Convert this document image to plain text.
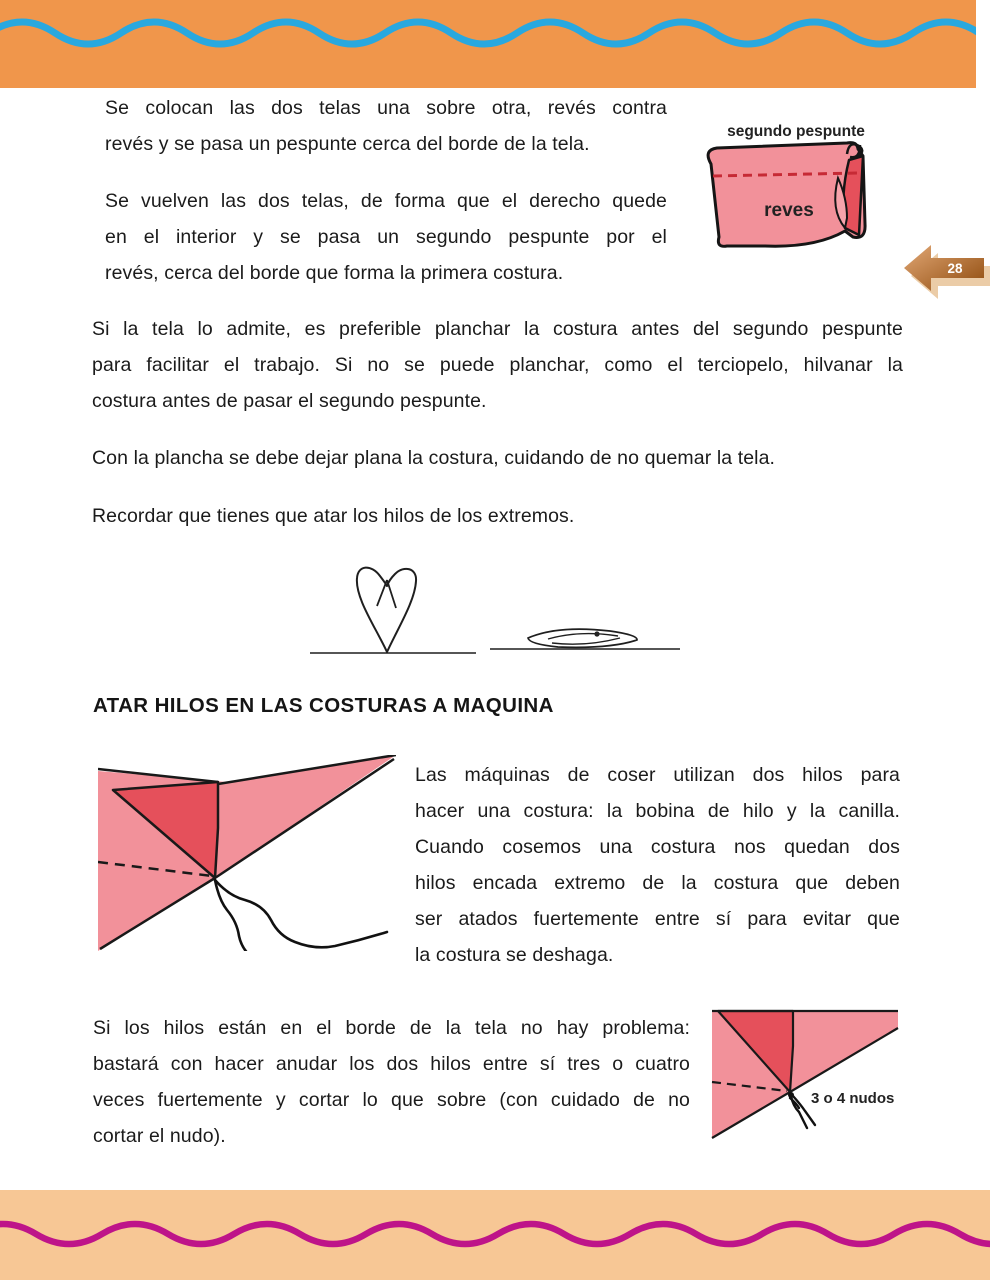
Se colocan las dos telas una sobre otra, revés contra
revés y se pasa un pespunte cerca del borde de la tela.
Se vuelven las dos telas, de forma que el derecho quede
en el interior y se pasa un segundo pespunte por el
revés, cerca del borde que forma la primera costura.
segundo pespunte
reves
28
Si la tela lo admite, es preferible planchar la costura antes del segundo pespunte
para facilitar el trabajo. Si no se puede planchar, como el terciopelo, hilvanar la
costura antes de pasar el segundo pespunte.
Con la plancha se debe dejar plana la costura, cuidando de no quemar la tela.
Recordar que tienes que atar los hilos de los extremos.
ATAR HILOS EN LAS COSTURAS A MAQUINA
Las máquinas de coser utilizan dos hilos para
hacer una costura: la bobina de hilo y la canilla.
Cuando cosemos una costura nos quedan dos
hilos encada extremo de la costura que deben
ser atados fuertemente entre sí para evitar que
la costura se deshaga.
Si los hilos están en el borde de la tela no hay problema:
bastará con hacer anudar los dos hilos entre sí tres o cuatro
veces fuertemente y cortar lo que sobre (con cuidado de no
cortar el nudo).
3 o 4 nudos
